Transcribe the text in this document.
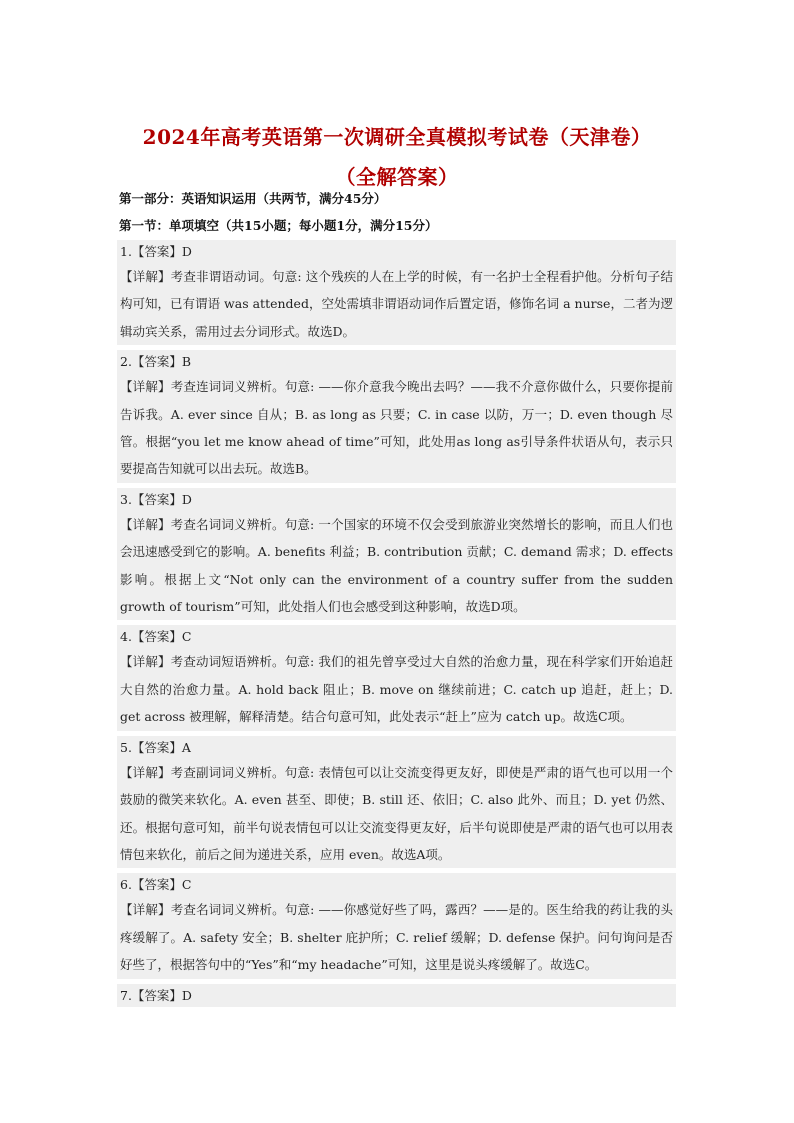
2024年高考英语第一次调研全真模拟考试卷（天津卷）
（全解答案）
第一部分：英语知识运用（共两节，满分45分）
第一节：单项填空（共15小题；每小题1分，满分15分）
1.【答案】D
【详解】考查非谓语动词。句意: 这个残疾的人在上学的时候，有一名护士全程看护他。分析句子结构可知，已有谓语 was attended，空处需填非谓语动词作后置定语，修饰名词 a nurse，二者为逻辑动宾关系，需用过去分词形式。故选D。
2.【答案】B
【详解】考查连词词义辨析。句意: ——你介意我今晚出去吗？——我不介意你做什么，只要你提前告诉我。A. ever since 自从；B. as long as 只要；C. in case 以防，万一；D. even though 尽管。根据“you let me know ahead of time”可知，此处用as long as引导条件状语从句，表示只要提高告知就可以出去玩。故选B。
3.【答案】D
【详解】考查名词词义辨析。句意: 一个国家的环境不仅会受到旅游业突然增长的影响，而且人们也会迅速感受到它的影响。A. benefits 利益；B. contribution 贡献；C. demand 需求；D. effects 影响。根据上文“Not only can the environment of a country suffer from the sudden growth of tourism”可知，此处指人们也会感受到这种影响，故选D项。
4.【答案】C
【详解】考查动词短语辨析。句意: 我们的祖先曾享受过大自然的治愈力量，现在科学家们开始追赶大自然的治愈力量。A. hold back 阻止；B. move on 继续前进；C. catch up 追赶，赶上；D. get across 被理解，解释清楚。结合句意可知，此处表示“赶上”应为 catch up。故选C项。
5.【答案】A
【详解】考查副词词义辨析。句意: 表情包可以让交流变得更友好，即使是严肃的语气也可以用一个鼓励的微笑来软化。A. even 甚至、即使；B. still 还、依旧；C. also 此外、而且；D. yet 仍然、还。根据句意可知，前半句说表情包可以让交流变得更友好，后半句说即使是严肃的语气也可以用表情包来软化，前后之间为递进关系，应用 even。故选A项。
6.【答案】C
【详解】考查名词词义辨析。句意: ——你感觉好些了吗，露西？——是的。医生给我的药让我的头疼缓解了。A. safety 安全；B. shelter 庇护所；C. relief 缓解；D. defense 保护。问句询问是否好些了，根据答句中的“Yes”和“my headache”可知，这里是说头疼缓解了。故选C。
7.【答案】D
